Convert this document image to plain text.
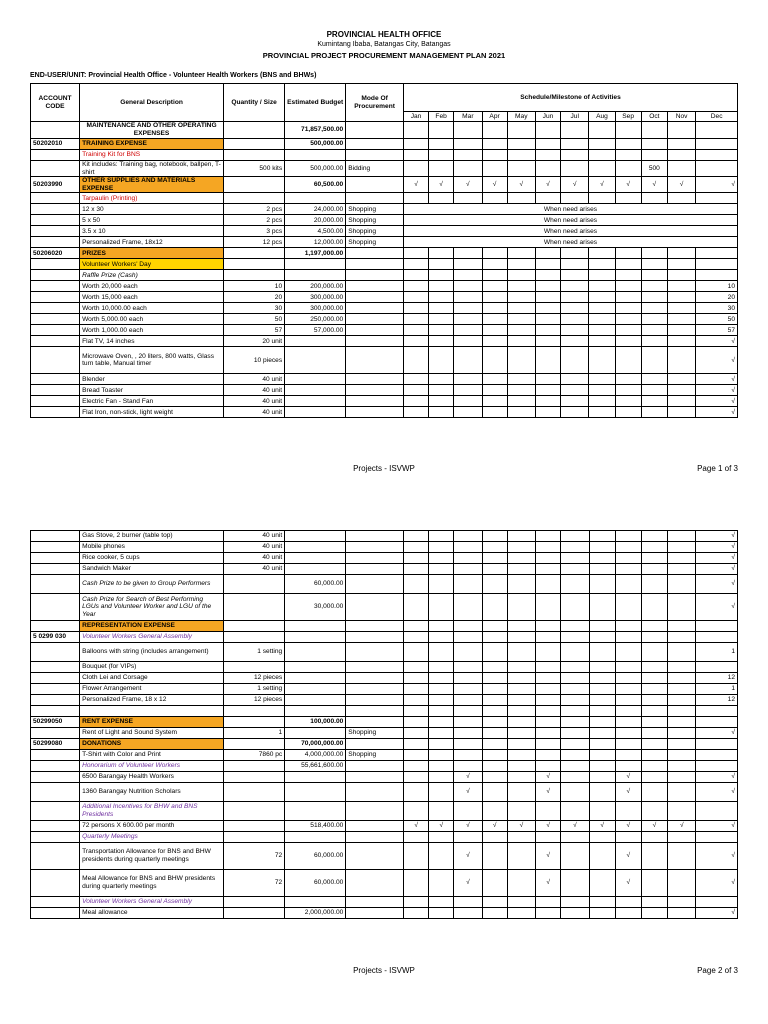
PROVINCIAL HEALTH OFFICE
Kumintang Ibaba, Batangas City, Batangas
PROVINCIAL PROJECT PROCUREMENT MANAGEMENT PLAN 2021
END-USER/UNIT: Provincial Health Office - Volunteer Health Workers (BNS and BHWs)
ACCOUNT CODE	General Description	Quantity / Size	Estimated Budget	Mode Of Procurement	Schedule/Milestone of Activities											
					Jan	Feb	Mar	Apr	May	Jun	Jul	Aug	Sep	Oct	Nov	Dec
	MAINTENANCE AND OTHER OPERATING EXPENSES		71,857,500.00													
50202010	TRAINING EXPENSE		500,000.00													
	Training Kit for BNS															
	Kit includes: Training bag, notebook, ballpen, T-shirt	500 kits	500,000.00	Bidding										500		
50203990	OTHER SUPPLIES AND MATERIALS EXPENSE		60,500.00		√	√	√	√	√	√	√	√	√	√	√	√
	Tarpaulin (Printing)															
	12 x 30	2 pcs	24,000.00	Shopping	When need arises											
	5 x 50	2 pcs	20,000.00	Shopping	When need arises											
	3.5 x 10	3 pcs	4,500.00	Shopping	When need arises											
	Personalized Frame, 18x12	12 pcs	12,000.00	Shopping	When need arises											
50206020	PRIZES		1,197,000.00													
	Volunteer Workers' Day															
	Raffle Prize (Cash)															
	Worth 20,000 each	10	200,000.00													10
	Worth 15,000 each	20	300,000.00													20
	Worth 10,000.00 each	30	300,000.00													30
	Worth 5,000.00 each	50	250,000.00													50
	Worth 1,000.00 each	57	57,000.00													57
	Flat TV, 14 inches	20 unit														√
	Microwave Oven, , 20 liters, 800 watts, Glass turn table, Manual timer	10 pieces														√
	Blender	40 unit														√
	Bread Toaster	40 unit														√
	Electric Fan - Stand Fan	40 unit														√
	Flat Iron, non-stick, light weight	40 unit														√
Projects - ISVWP	Page 1 of 3
	Gas Stove, 2 burner (table top)	40 unit														√
	Mobile phones	40 unit														√
	Rice cooker, 5 cups	40 unit														√
	Sandwich Maker	40 unit														√
	Cash Prize to be given to Group Performers		60,000.00													√
	Cash Prize for Search of Best Performing LGUs and Volunteer Worker and LGU of the Year		30,000.00													√
	REPRESENTATION EXPENSE															
5 0299 030	Volunteer Workers General Assembly															
	Balloons with string (includes arrangement)	1 setting														1
	Bouquet (for VIPs)															
	Cloth Lei and Corsage	12 pieces														12
	Flower Arrangement	1 setting														1
	Personalized Frame, 18 x 12	12 pieces														12

50299050	RENT EXPENSE		100,000.00													
	Rent of Light and Sound System	1		Shopping												√
50299080	DONATIONS		70,000,000.00													
	T-Shirt with Color and Print	7860 pc	4,000,000.00	Shopping												
	Honorarium of Volunteer Workers		55,661,600.00													
	6500 Barangay Health Workers						√			√			√			√
	1360 Barangay Nutrition Scholars						√			√			√			√
	Additional Incentives for BHW and BNS Presidents															
	72 persons X 600.00 per month		518,400.00		√	√	√	√	√	√	√	√	√	√	√	√
	Quarterly Meetings															
	Transportation Allowance for BNS and BHW presidents during quarterly meetings	72	60,000.00				√			√			√			√
	Meal Allowance for BNS and BHW presidents during quarterly meetings	72	60,000.00				√			√			√			√
	Volunteer Workers General Assembly															
	Meal allowance		2,000,000.00													√
Projects - ISVWP	Page 2 of 3
